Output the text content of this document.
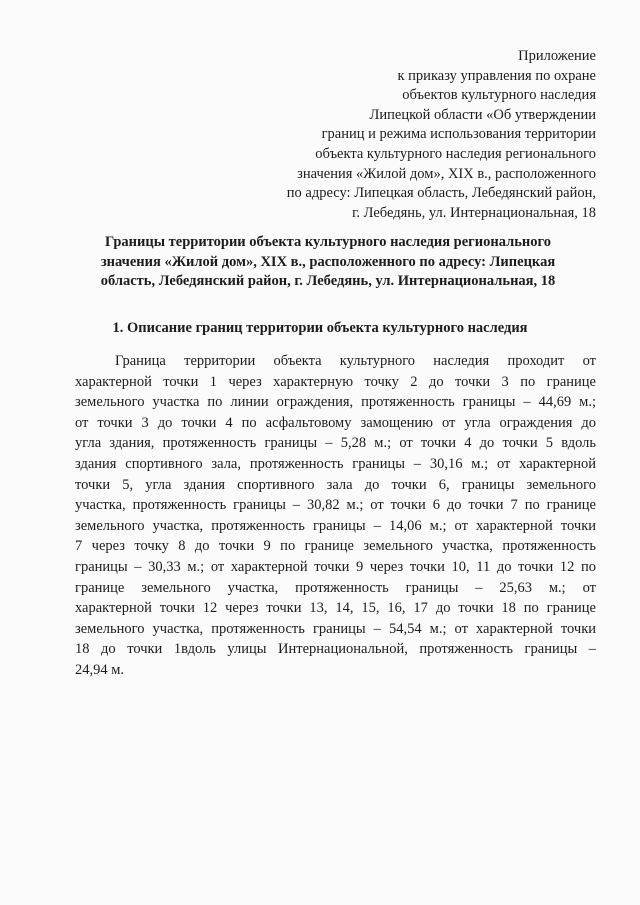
Приложение
к приказу управления по охране
объектов культурного наследия
Липецкой области «Об утверждении
границ и режима использования территории
объекта культурного наследия регионального
значения «Жилой дом», XIX в., расположенного
по адресу: Липецкая область, Лебедянский район,
г. Лебедянь, ул. Интернациональная, 18
Границы территории объекта культурного наследия регионального
значения «Жилой дом», XIX в., расположенного по адресу: Липецкая
область, Лебедянский район, г. Лебедянь, ул. Интернациональная, 18
1. Описание границ территории объекта культурного наследия
Граница территории объекта культурного наследия проходит от
характерной точки 1 через характерную точку 2 до точки 3 по границе
земельного участка по линии ограждения, протяженность границы – 44,69 м.;
от точки 3 до точки 4 по асфальтовому замощению от угла ограждения до
угла здания, протяженность границы – 5,28 м.; от точки 4 до точки 5 вдоль
здания спортивного зала, протяженность границы – 30,16 м.; от характерной
точки 5, угла здания спортивного зала до точки 6, границы земельного
участка, протяженность границы – 30,82 м.; от точки 6 до точки 7 по границе
земельного участка, протяженность границы – 14,06 м.; от характерной точки
7 через точку 8 до точки 9 по границе земельного участка, протяженность
границы – 30,33 м.; от характерной точки 9 через точки 10, 11 до точки 12 по
границе земельного участка, протяженность границы – 25,63 м.; от
характерной точки 12 через точки 13, 14, 15, 16, 17 до точки 18 по границе
земельного участка, протяженность границы – 54,54 м.; от характерной точки
18 до точки 1вдоль улицы Интернациональной, протяженность границы –
24,94 м.
